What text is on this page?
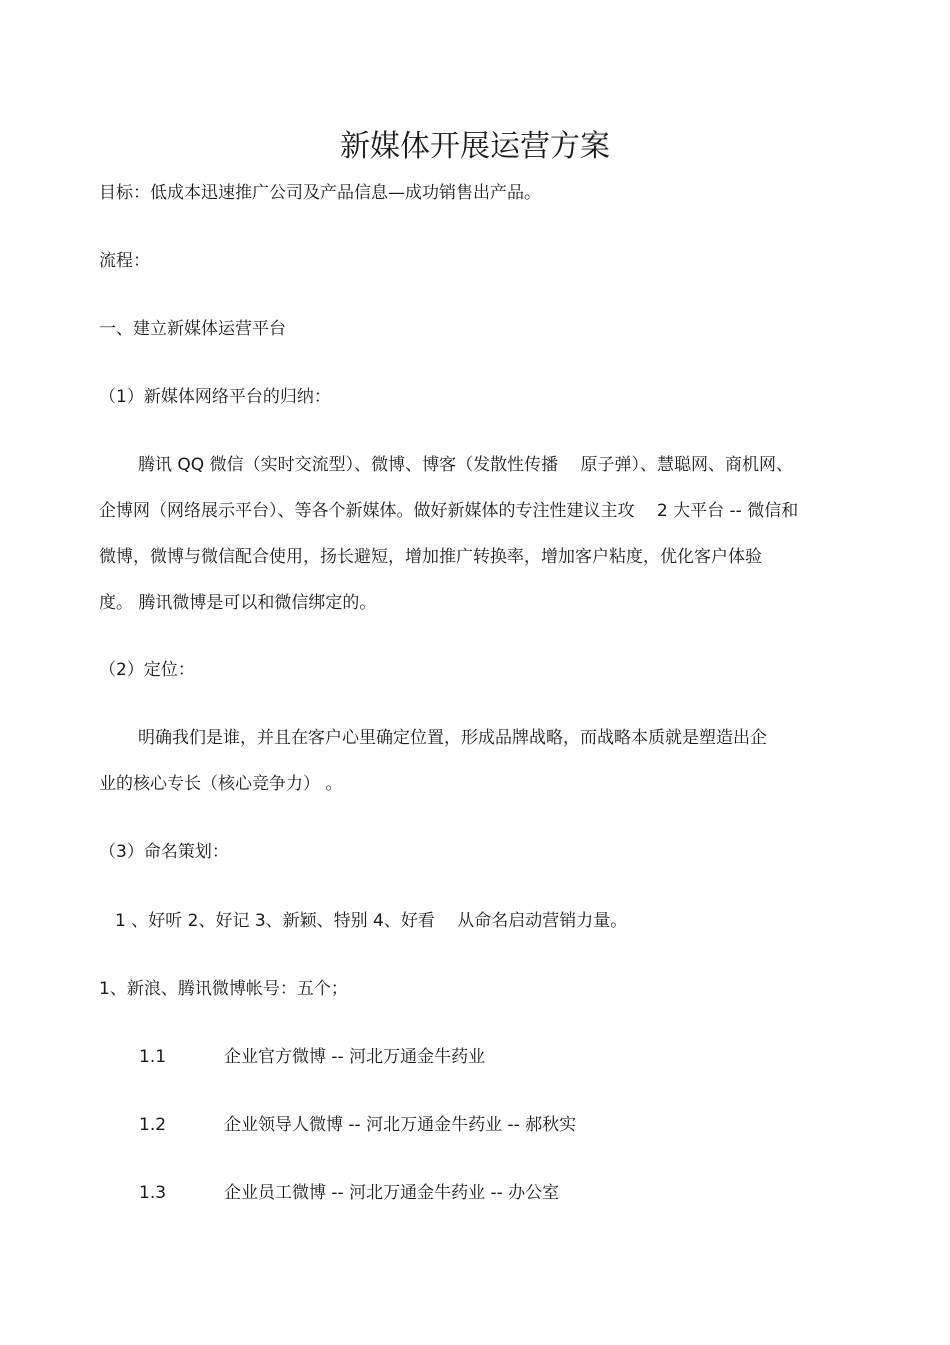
新媒体开展运营方案
目标：低成本迅速推广公司及产品信息—成功销售出产品。
流程：
一、建立新媒体运营平台
（1）新媒体网络平台的归纳：
腾讯 QQ 微信（实时交流型）、微博、博客（发散性传播　 原子弹）、慧聪网、商机网、
企博网（网络展示平台）、等各个新媒体。做好新媒体的专注性建议主攻　 2 大平台 -- 微信和
微博，微博与微信配合使用，扬长避短，增加推广转换率，增加客户粘度，优化客户体验
度。 腾讯微博是可以和微信绑定的。
（2）定位：
明确我们是谁，并且在客户心里确定位置，形成品牌战略，而战略本质就是塑造出企
业的核心专长（核心竞争力） 。
（3）命名策划：
1 、好听 2、好记 3、新颖、特别 4、好看　 从命名启动营销力量。
1、新浪、腾讯微博帐号：五个；
1.1	企业官方微博 -- 河北万通金牛药业
1.2	企业领导人微博 -- 河北万通金牛药业 -- 郝秋实
1.3	企业员工微博 -- 河北万通金牛药业 -- 办公室
